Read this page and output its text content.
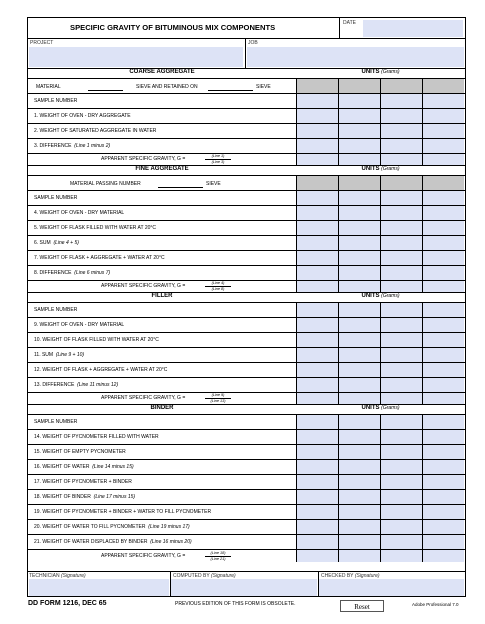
SPECIFIC GRAVITY OF BITUMINOUS MIX COMPONENTS	DATE
PROJECT	JOB
COARSE AGGREGATE	UNITS (Grams)
MATERIAL	SIEVE AND RETAINED ON	SIEVE
SAMPLE NUMBER
1. WEIGHT OF OVEN - DRY AGGREGATE
2. WEIGHT OF SATURATED AGGREGATE IN WATER
3. DIFFERENCE (Line 1 minus 2)
APPARENT SPECIFIC GRAVITY, G =	(Line 1)
(Line 3)
FINE AGGREGATE	UNITS (Grams)
MATERIAL PASSING NUMBER	SIEVE
SAMPLE NUMBER
4. WEIGHT OF OVEN - DRY MATERIAL
5. WEIGHT OF FLASK FILLED WITH WATER AT 20°C
6. SUM (Line 4 + 5)
7. WEIGHT OF FLASK + AGGREGATE + WATER AT 20°C
8. DIFFERENCE (Line 6 minus 7)
APPARENT SPECIFIC GRAVITY, G =	(Line 4)
(Line 8)
FILLER	UNITS (Grams)
SAMPLE NUMBER
9. WEIGHT OF OVEN - DRY MATERIAL
10. WEIGHT OF FLASK FILLED WITH WATER AT 20°C
11. SUM (Line 9 + 10)
12. WEIGHT OF FLASK + AGGREGATE + WATER AT 20°C
13. DIFFERENCE (Line 11 minus 12)
APPARENT SPECIFIC GRAVITY, G =	(Line 9)
(Line 13)
BINDER	UNITS (Grams)
SAMPLE NUMBER
14. WEIGHT OF PYCNOMETER FILLED WITH WATER
15. WEIGHT OF EMPTY PYCNOMETER
16. WEIGHT OF WATER (Line 14 minus 15)
17. WEIGHT OF PYCNOMETER + BINDER
18. WEIGHT OF BINDER (Line 17 minus 15)
19. WEIGHT OF PYCNOMETER + BINDER + WATER TO FILL PYCNOMETER
20. WEIGHT OF WATER TO FILL PYCNOMETER (Line 19 minus 17)
21. WEIGHT OF WATER DISPLACED BY BINDER (Line 16 minus 20)
APPARENT SPECIFIC GRAVITY, G =	(Line 18)
(Line 21)
TECHNICIAN (Signature)	COMPUTED BY (Signature)	CHECKED BY (Signature)
DD FORM 1216, DEC 65	PREVIOUS EDITION OF THIS FORM IS OBSOLETE.	Reset	Adobe Professional 7.0
